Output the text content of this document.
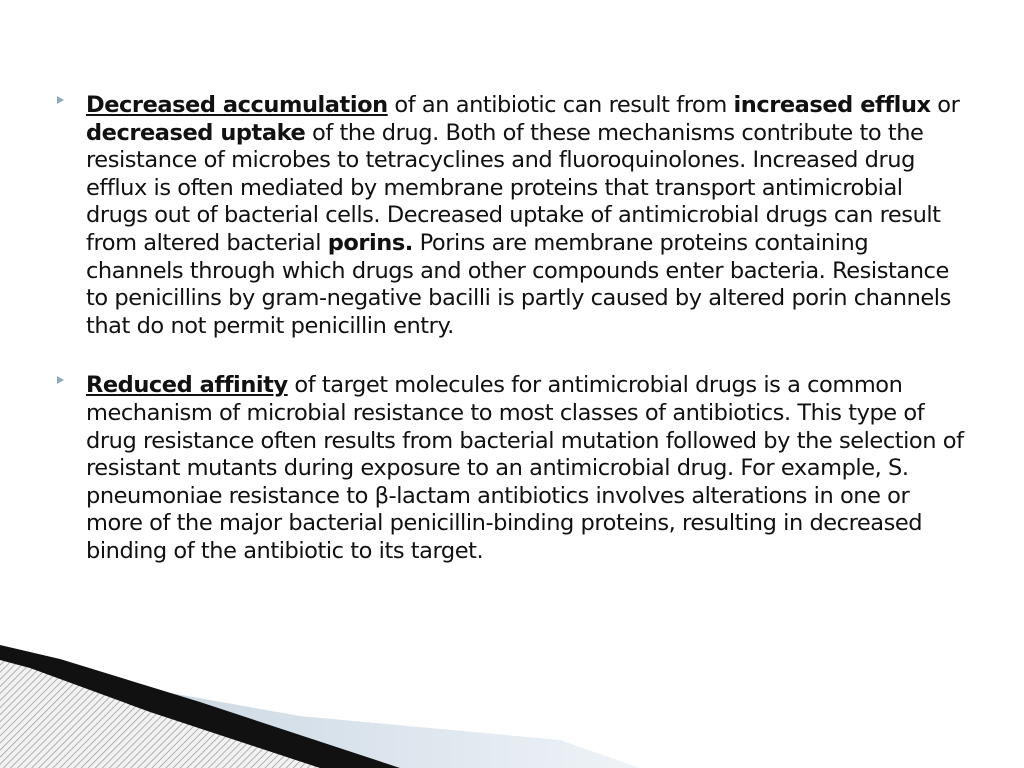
Decreased accumulation of an antibiotic can result from increased efflux or decreased uptake of the drug. Both of these mechanisms contribute to the resistance of microbes to tetracyclines and fluoroquinolones. Increased drug efflux is often mediated by membrane proteins that transport antimicrobial drugs out of bacterial cells. Decreased uptake of antimicrobial drugs can result from altered bacterial porins. Porins are membrane proteins containing channels through which drugs and other compounds enter bacteria. Resistance to penicillins by gram-negative bacilli is partly caused by altered porin channels that do not permit penicillin entry.

Reduced affinity of target molecules for antimicrobial drugs is a common mechanism of microbial resistance to most classes of antibiotics. This type of drug resistance often results from bacterial mutation followed by the selection of resistant mutants during exposure to an antimicrobial drug. For example, S. pneumoniae resistance to β-lactam antibiotics involves alterations in one or more of the major bacterial penicillin-binding proteins, resulting in decreased binding of the antibiotic to its target.
